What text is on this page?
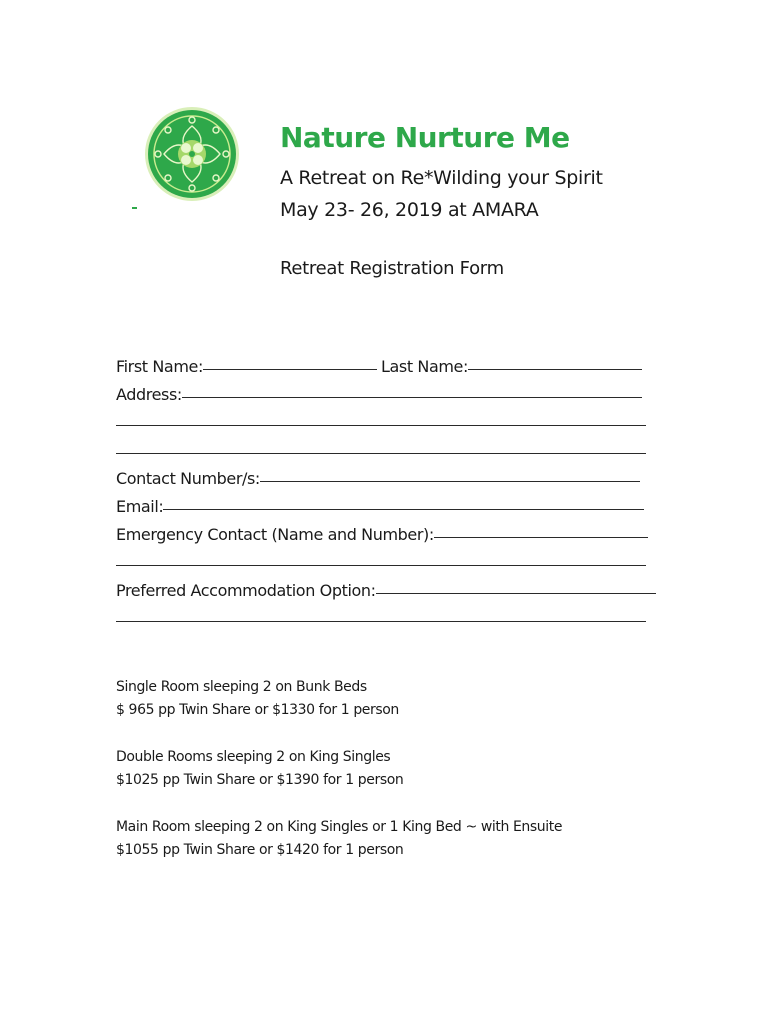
Nature Nurture Me

A Retreat on Re*Wilding your Spirit

May 23- 26, 2019 at AMARA

Retreat Registration Form
First Name:	Last Name:
Address:
Contact Number/s:
Email:
Emergency Contact (Name and Number):
Preferred Accommodation Option:

Single Room sleeping 2 on Bunk Beds

$ 965 pp Twin Share or $1330 for 1 person

Double Rooms sleeping 2 on King Singles

$1025 pp Twin Share or $1390 for 1 person

Main Room sleeping 2 on King Singles or 1 King Bed ~ with Ensuite

$1055 pp Twin Share or $1420 for 1 person
